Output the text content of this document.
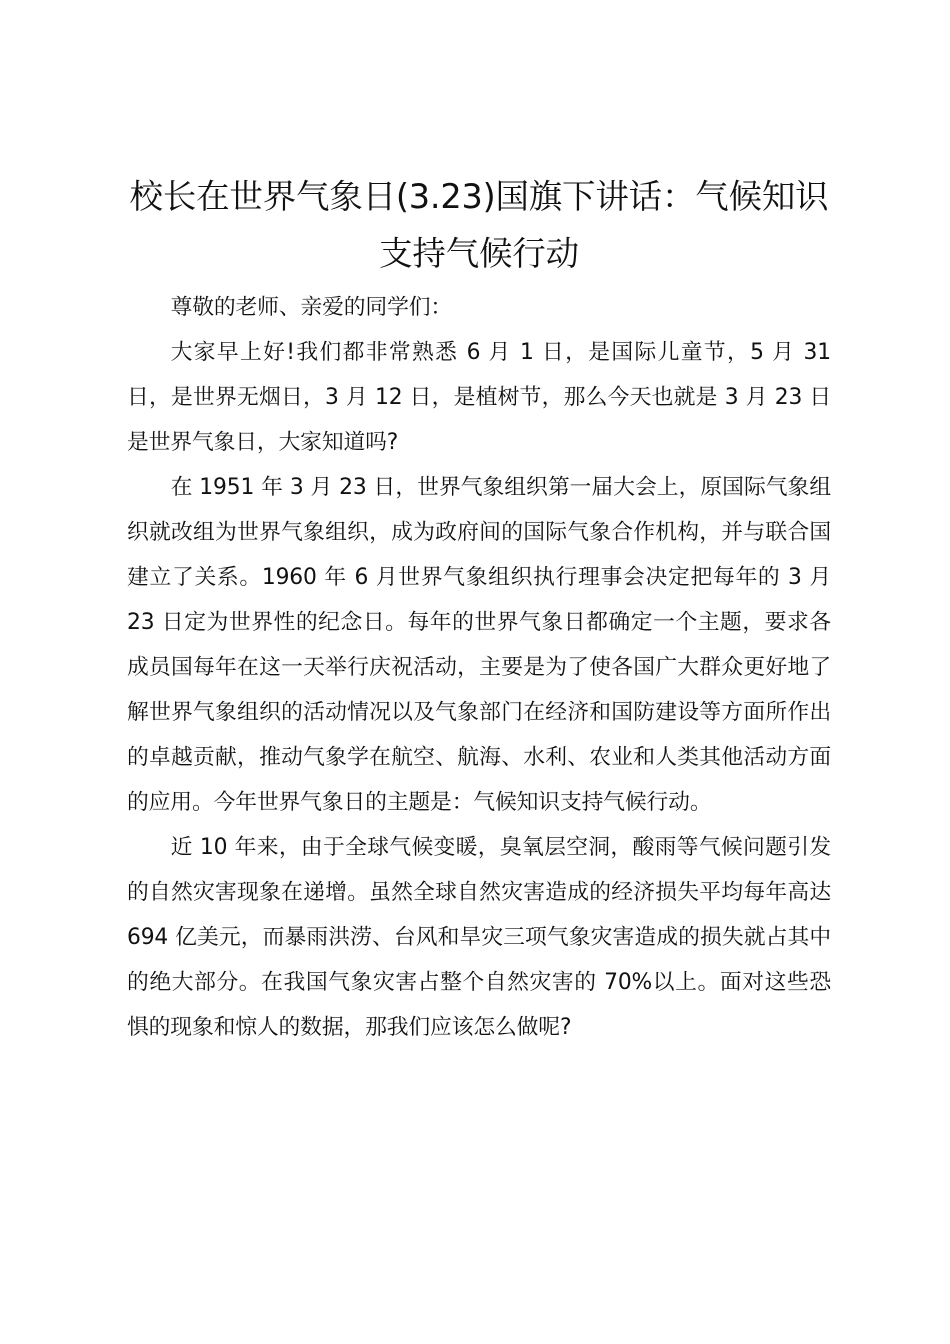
校长在世界气象日(3.23)国旗下讲话：气候知识支持气候行动

尊敬的老师、亲爱的同学们：

大家早上好!我们都非常熟悉 6 月 1 日，是国际儿童节，5 月 31 日，是世界无烟日，3 月 12 日，是植树节，那么今天也就是 3 月 23 日是世界气象日，大家知道吗?

在 1951 年 3 月 23 日，世界气象组织第一届大会上，原国际气象组织就改组为世界气象组织，成为政府间的国际气象合作机构，并与联合国建立了关系。1960 年 6 月世界气象组织执行理事会决定把每年的 3 月 23 日定为世界性的纪念日。每年的世界气象日都确定一个主题，要求各成员国每年在这一天举行庆祝活动，主要是为了使各国广大群众更好地了解世界气象组织的活动情况以及气象部门在经济和国防建设等方面所作出的卓越贡献，推动气象学在航空、航海、水利、农业和人类其他活动方面的应用。今年世界气象日的主题是：气候知识支持气候行动。

近 10 年来，由于全球气候变暖，臭氧层空洞，酸雨等气候问题引发的自然灾害现象在递增。虽然全球自然灾害造成的经济损失平均每年高达 694 亿美元，而暴雨洪涝、台风和旱灾三项气象灾害造成的损失就占其中的绝大部分。在我国气象灾害占整个自然灾害的 70%以上。面对这些恐惧的现象和惊人的数据，那我们应该怎么做呢?
